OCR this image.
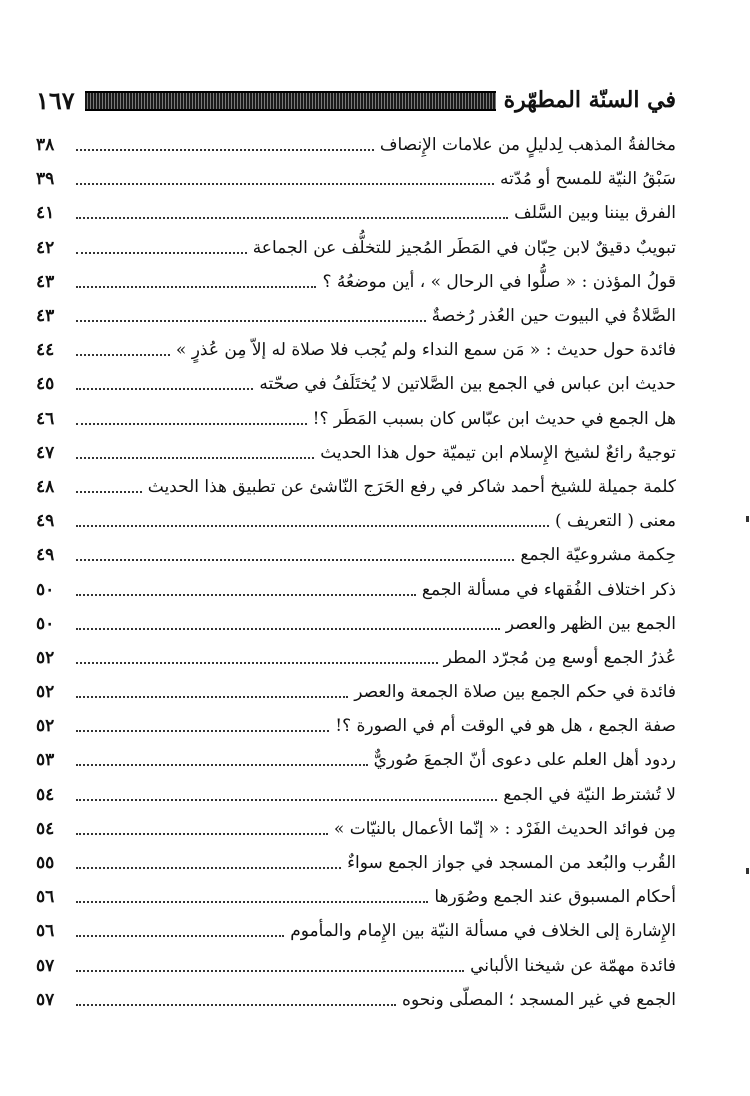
في السنّة المطهّرة
١٦٧
مخالفةُ المذهب لِدليلٍ من علامات الإِنصاف
٣٨
سَبْقُ النيّة للمسح أو مُدّته
٣٩
الفرق بيننا وبين السَّلف
٤١
تبويبٌ دقيقٌ لابن حِبّان في المَطَر المُجيز للتخلُّف عن الجماعة
٤٢
قولُ المؤذن : « صلُّوا في الرحال » ، أين موضعُهُ ؟
٤٣
الصَّلاةُ في البيوت حين العُذر رُخصةٌ
٤٣
فائدة حول حديث : « مَن سمع النداء ولم يُجب فلا صلاة له إلاّ مِن عُذرٍ »
٤٤
حديث ابن عباس في الجمع بين الصَّلاتين لا يُختَلَفُ في صحّته
٤٥
هل الجمع في حديث ابن عبّاس كان بسبب المَطَر ؟!
٤٦
توجيهٌ رائعٌ لشيخ الإِسلام ابن تيميّة حول هذا الحديث
٤٧
كلمة جميلة للشيخ أحمد شاكر في رفع الحَرَج النّاشئ عن تطبيق هذا الحديث
٤٨
معنى ( التعريف )
٤٩
حِكمة مشروعيّة الجمع
٤٩
ذكر اختلاف الفُقهاء في مسألة الجمع
٥٠
الجمع بين الظهر والعصر
٥٠
عُذرُ الجمع أوسع مِن مُجرّد المطر
٥٢
فائدة في حكم الجمع بين صلاة الجمعة والعصر
٥٢
صفة الجمع ، هل هو في الوقت أم في الصورة ؟!
٥٢
ردود أهل العلم على دعوى أنّ الجمعَ صُوريٌّ
٥٣
لا تُشترط النيّة في الجمع
٥٤
مِن فوائد الحديث الفَرْد : « إنّما الأعمال بالنيّات »
٥٤
القُرب والبُعد من المسجد في جواز الجمع سواءٌ
٥٥
أحكام المسبوق عند الجمع وصُوَرها
٥٦
الإِشارة إلى الخلاف في مسألة النيّة بين الإِمام والمأموم
٥٦
فائدة مهمّة عن شيخنا الألباني
٥٧
الجمع في غير المسجد ؛ المصلّى ونحوه
٥٧
